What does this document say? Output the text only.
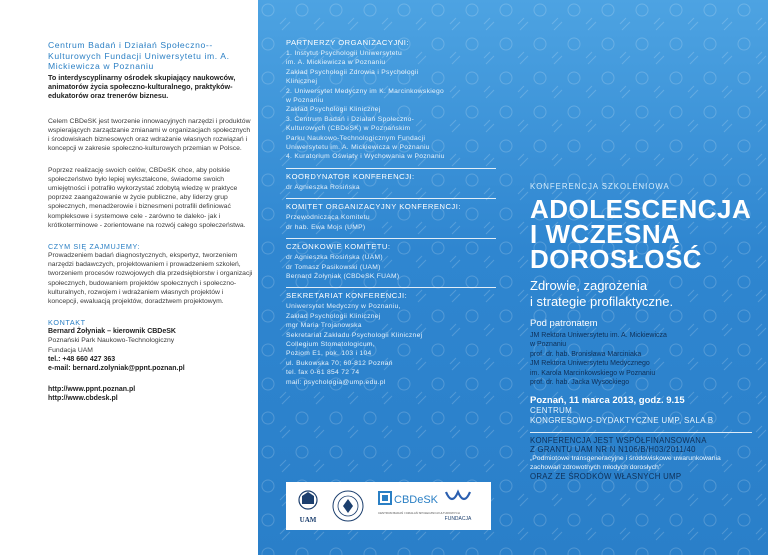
Centrum Badań i Działań Społeczno--Kulturowych Fundacji Uniwersytetu im. A. Mickiewicza w Poznaniu
To interdyscyplinarny ośrodek skupiający naukowców, animatorów życia społeczno-kulturalnego, praktyków-edukatorów oraz trenerów biznesu.
Celem CBDeSK jest tworzenie innowacyjnych narzędzi i produktów wspierających zarządzanie zmianami w organizacjach społecznych i środowiskach biznesowych oraz wdrażanie własnych rozwiązań i koncepcji w zakresie społeczno-kulturowych przemian w Polsce.
Poprzez realizację swoich celów, CBDeSK chce, aby polskie społeczeństwo było lepiej wykształcone, świadome swoich umiejętności i potrafiło wykorzystać zdobytą wiedzę w praktyce poprzez zaangażowanie w życie publiczne, aby liderzy grup społecznych, menadżerowie i biznesmeni potrafili definiować kompleksowe i systemowe cele - zarówno te daleko- jak i krótkoterminowe - zorientowane na rozwój całego społeczeństwa.
CZYM SIĘ ZAJMUJEMY:
Prowadzeniem badań diagnostycznych, ekspertyz, tworzeniem narzędzi badawczych, projektowaniem i prowadzeniem szkoleń, tworzeniem procesów rozwojowych dla przedsiębiorstw i organizacji społecznych, budowaniem projektów społecznych i społeczno-kulturalnych, rozwojem i wdrażaniem własnych projektów i koncepcji, ewaluacją projektów, doradztwem projektowym.
KONTAKT
Bernard Żołyniak – kierownik CBDeSK
Poznański Park Naukowo-Technologiczny
Fundacja UAM
tel.: +48 660 427 363
e-mail: bernard.zolyniak@ppnt.poznan.pl
http://www.ppnt.poznan.pl
http://www.cbdesk.pl
PARTNERZY ORGANIZACYJNI:
1. Instytut Psychologii Uniwersytetu
im. A. Mickiewicza w Poznaniu
Zakład Psychologii Zdrowia i Psychologii
Klinicznej
2. Uniwersytet Medyczny im K. Marcinkowskiego
w Poznaniu
Zakład Psychologii Klinicznej
3. Centrum Badań i Działań Społeczno-
Kulturowych (CBDeSK) w Poznańskim
Parku Naukowo-Technologicznym Fundacji
Uniwersytetu im. A. Mickiewicza w Poznaniu
4. Kuratorium Oświaty i Wychowania w Poznaniu
KOORDYNATOR KONFERENCJI:
dr Agnieszka Rosińska
KOMITET ORGANIZACYJNY KONFERENCJI:
Przewodnicząca Komitetu
dr hab. Ewa Mojs (UMP)
CZŁONKOWIE KOMITETU:
dr Agnieszka Rosińska (UAM)
dr Tomasz Pasikowski (UAM)
Bernard Żołyniak (CBDeSK FUAM)
SEKRETARIAT KONFERENCJI:
Uniwersytet Medyczny w Poznaniu,
Zakład Psychologii Klinicznej
mgr Maria Trojanowska
Sekretariat Zakładu Psychologii Klinicznej
Collegium Stomatologicum,
Poziom E1, pok. 103 i 104
ul. Bukowska 70; 60-812 Poznań
tel. fax 0-61 854 72 74
mail: psychologia@ump.edu.pl
UAM
CBDeSK
CENTRUM BADAŃ I DZIAŁAŃ SPOŁECZNO-KULTUROWYCH
FUNDACJA
KONFERENCJA SZKOLENIOWA
ADOLESCENCJA
I WCZESNA
DOROSŁOŚĆ
Zdrowie, zagrożenia
i strategie profilaktyczne.
Pod patronatem
JM Rektora Uniwersytetu im. A. Mickiewicza
w Poznaniu
prof. dr. hab. Bronisława Marciniaka
JM Rektora Uniwersytetu Medycznego
im. Karola Marcinkowskiego w Poznaniu
prof. dr. hab. Jacka Wysockiego
Poznań, 11 marca 2013, godz. 9.15
CENTRUM
KONGRESOWO-DYDAKTYCZNE UMP, SALA B
KONFERENCJA JEST WSPÓŁFINANSOWANA
Z GRANTU UAM NR N N106/B/H03/2011/40
„Podmiotowe transgeneracyjne i środowiskowe uwarunkowania zachowań zdrowotnych młodych dorosłych”
ORAZ ZE ŚRODKÓW WŁASNYCH UMP
